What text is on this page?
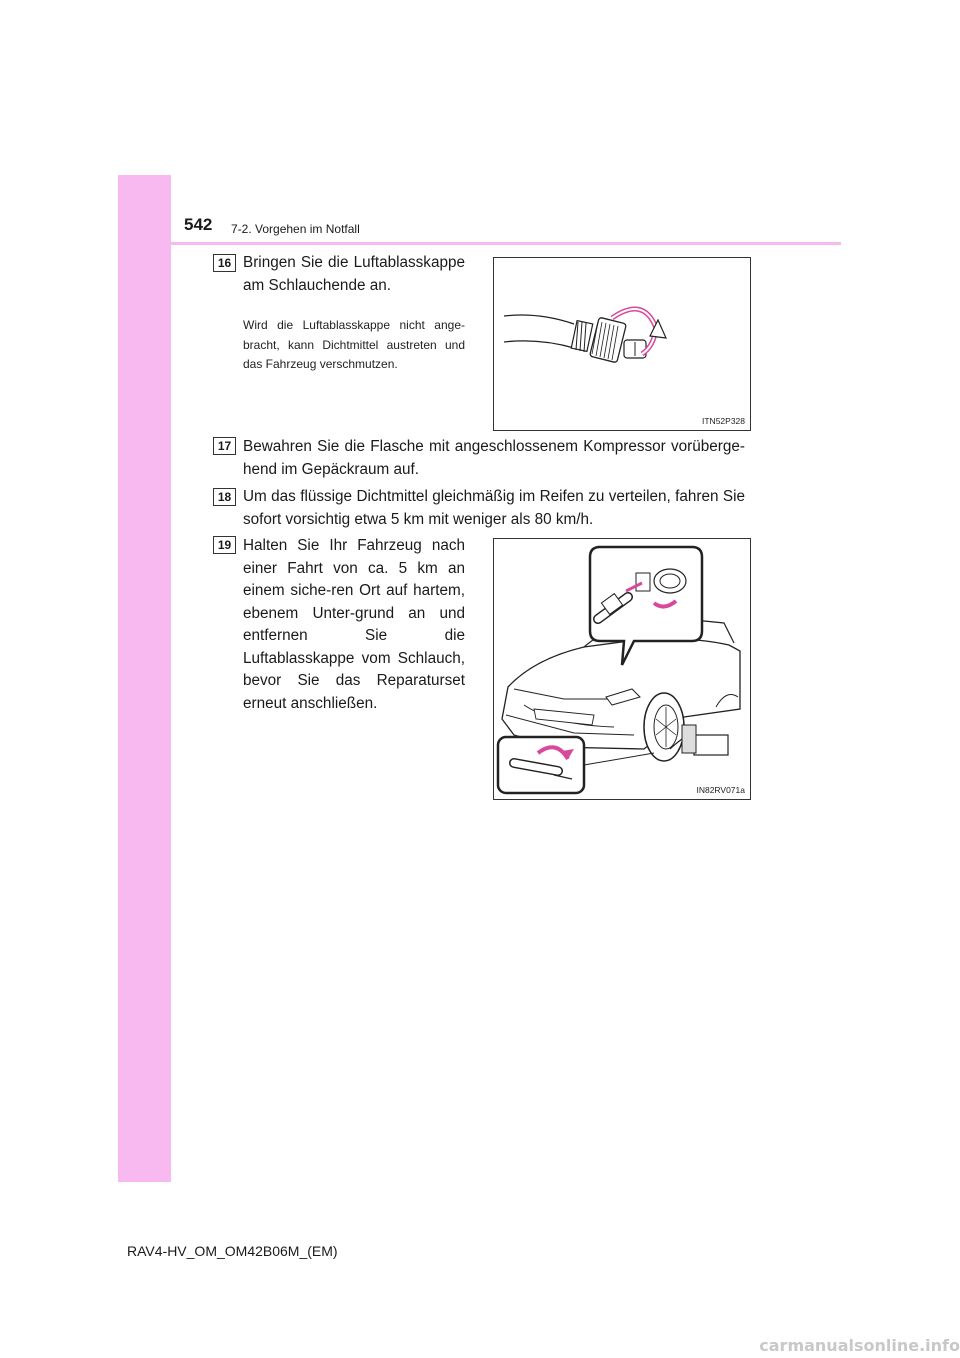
542 7-2. Vorgehen im Notfall
16 Bringen Sie die Luftablasskappe am Schlauchende an.
Wird die Luftablasskappe nicht ange-bracht, kann Dichtmittel austreten und das Fahrzeug verschmutzen.
ITN52P328
17 Bewahren Sie die Flasche mit angeschlossenem Kompressor vorüberge-hend im Gepäckraum auf.
18 Um das flüssige Dichtmittel gleichmäßig im Reifen zu verteilen, fahren Sie sofort vorsichtig etwa 5 km mit weniger als 80 km/h.
19 Halten Sie Ihr Fahrzeug nach einer Fahrt von ca. 5 km an einem siche-ren Ort auf hartem, ebenem Unter-grund an und entfernen Sie die Luftablasskappe vom Schlauch, bevor Sie das Reparaturset erneut anschließen.
IN82RV071a
RAV4-HV_OM_OM42B06M_(EM)
carmanualsonline.info
